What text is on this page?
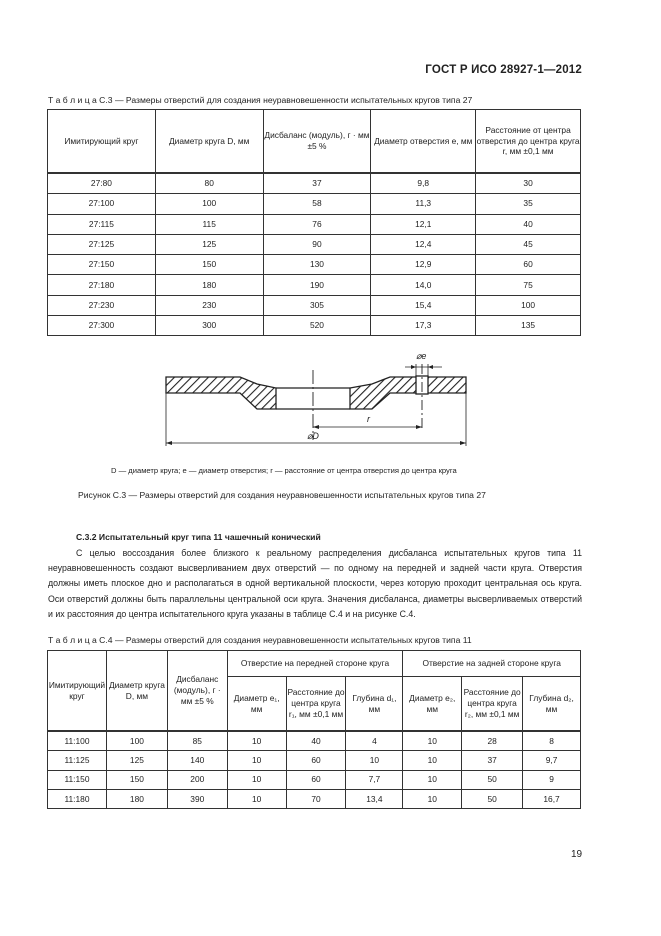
ГОСТ Р ИСО 28927-1—2012
Т а б л и ц а С.3 — Размеры отверстий для создания неуравновешенности испытательных кругов типа 27
Имитирующий круг	Диаметр круга D, мм	Дисбаланс (модуль), г · мм ±5 %	Диаметр отверстия e, мм	Расстояние от центра отверстия до центра круга r, мм ±0,1 мм
27:80	80	37	9,8	30
27:100	100	58	11,3	35
27:115	115	76	12,1	40
27:125	125	90	12,4	45
27:150	150	130	12,9	60
27:180	180	190	14,0	75
27:230	230	305	15,4	100
27:300	300	520	17,3	135
⌀e
r
⌀D
D — диаметр круга; e — диаметр отверстия; r — расстояние от центра отверстия до центра круга
Рисунок С.3 — Размеры отверстий для создания неуравновешенности испытательных кругов типа 27
С.3.2 Испытательный круг типа 11 чашечный конический
С целью воссоздания более близкого к реальному распределения дисбаланса испытательных кругов типа 11 неуравновешенность создают высверливанием двух отверстий — по одному на передней и задней части круга. Отверстия должны иметь плоское дно и располагаться в одной вертикальной плоскости, через которую проходит центральная ось круга. Оси отверстий должны быть параллельны центральной оси круга. Значения дисбаланса, диаметры высверливаемых отверстий и их расстояния до центра испытательного круга указаны в таблице С.4 и на рисунке С.4.
Т а б л и ц а С.4 — Размеры отверстий для создания неуравновешенности испытательных кругов типа 11
Имитирующий круг	Диаметр круга D, мм	Дисбаланс (модуль), г · мм ±5 %	Отверстие на передней стороне круга			Отверстие на задней стороне круга		
			Диаметр e₁, мм	Расстояние до центра круга r₁, мм ±0,1 мм	Глубина d₁, мм	Диаметр e₂, мм	Расстояние до центра круга r₂, мм ±0,1 мм	Глубина d₂, мм
11:100	100	85	10	40	4	10	28	8
11:125	125	140	10	60	10	10	37	9,7
11:150	150	200	10	60	7,7	10	50	9
11:180	180	390	10	70	13,4	10	50	16,7
19
